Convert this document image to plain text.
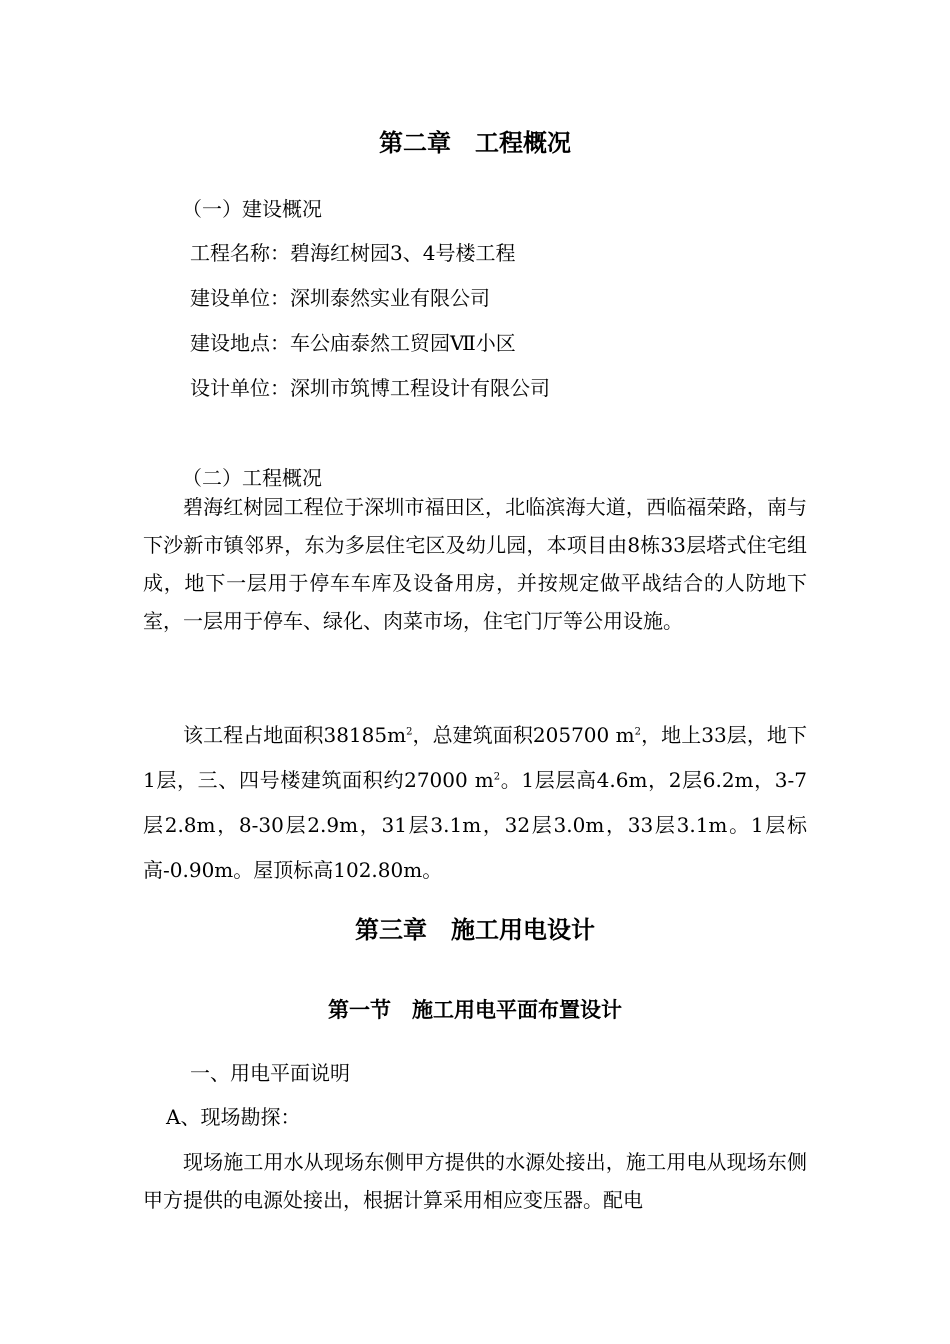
第二章　工程概况
（一）建设概况
工程名称：碧海红树园3、4号楼工程
建设单位：深圳泰然实业有限公司
建设地点：车公庙泰然工贸园Ⅶ小区
设计单位：深圳市筑博工程设计有限公司
（二）工程概况
碧海红树园工程位于深圳市福田区，北临滨海大道，西临福荣路，南与下沙新市镇邻界，东为多层住宅区及幼儿园，本项目由8栋33层塔式住宅组成，地下一层用于停车车库及设备用房，并按规定做平战结合的人防地下室，一层用于停车、绿化、肉菜市场，住宅门厅等公用设施。
该工程占地面积$38185m^2$，总建筑面积205700 $m^2$，地上33层，地下1层，三、四号楼建筑面积约27000 $m^2$。1层层高4.6m，2层6.2m，3-7层2.8m，8-30层2.9m，31层3.1m，32层3.0m，33层3.1m。1层标高-0.90m。屋顶标高102.80m。
第三章　施工用电设计
第一节　施工用电平面布置设计
一、用电平面说明
A、现场勘探：
现场施工用水从现场东侧甲方提供的水源处接出，施工用电从现场东侧甲方提供的电源处接出，根据计算采用相应变压器。配电
